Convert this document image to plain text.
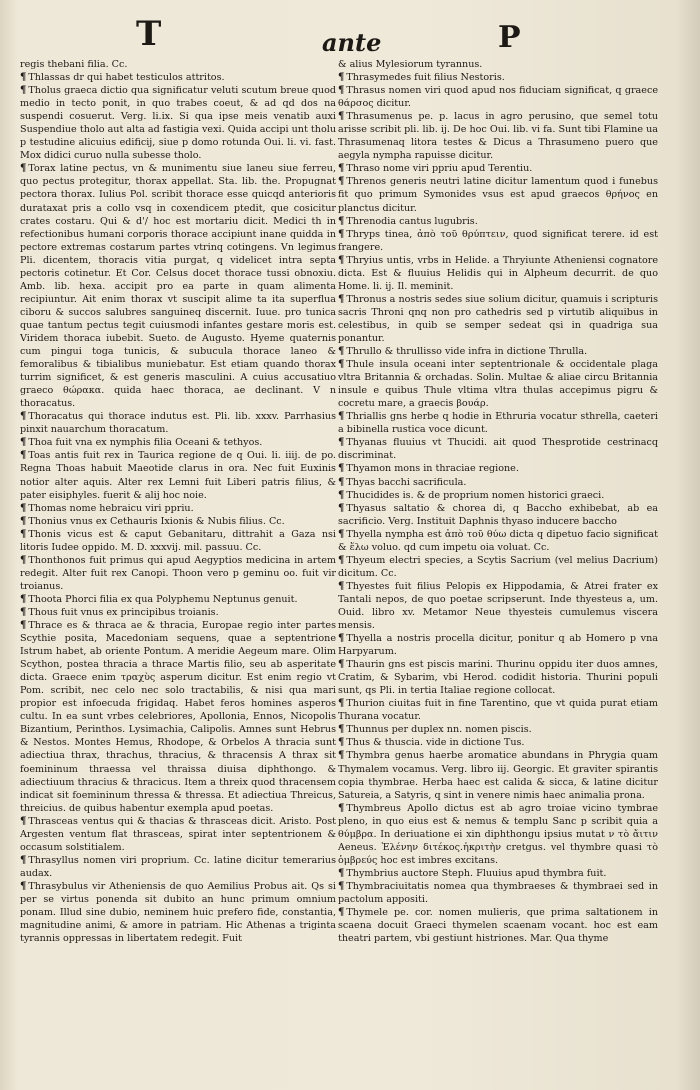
T	ante	P

regis thebani filia. Cc.

¶ Thlassas dr qui habet testiculos attritos.

¶ Tholus graeca dictio qua significatur veluti scutum breue quod medio in tecto ponit, in quo trabes coeut, & ad qd dos na suspendi cosuerut. Verg. li.ix. Si qua ipse meis venatib auxi Suspendiue tholo aut alta ad fastigia vexi. Quida accipi unt tholu p testudine alicuius edificij, siue p domo rotunda Oui. li. vi. fast. Mox didici curuo nulla subesse tholo.

¶ Torax latine pectus, vn & munimentu siue laneu siue ferreu, quo pectus protegitur, thorax appellat. Sta. lib. the. Propugnat pectora thorax. Iulius Pol. scribit thorace esse quicqd anterioris durataxat pris a collo vsq in coxendicem ptedit, que cosicitur crates costaru. Qui & d'/ hoc est mortariu dicit. Medici th in refectionibus humani corporis thorace accipiunt inane quidda in pectore extremas costarum partes vtrinq cotingens. Vn legimus Pli. dicentem, thoracis vitia purgat, q videlicet intra septa pectoris cotinetur. Et Cor. Celsus docet thorace tussi obnoxiu. Amb. lib. hexa. accipit pro ea parte in quam alimenta recipiuntur. Ait enim thorax vt suscipit alime ta ita superflua ciboru & succos salubres sanguineq discernit. Iuue. pro tunica quae tantum pectus tegit cuiusmodi infantes gestare moris est. Viridem thoraca iubebit. Sueto. de Augusto. Hyeme quaternis cum pingui toga tunicis, & subucula thorace laneo & femoralibus & tibialibus muniebatur. Est etiam quando thorax turrim significet, & est generis masculini. A cuius accusatiuo graeco θώρακα. quida haec thoraca, ae declinant. V n thoracatus.

¶ Thoracatus qui thorace indutus est. Pli. lib. xxxv. Parrhasius pinxit nauarchum thoracatum.

¶ Thoa fuit vna ex nymphis filia Oceani & tethyos.

¶ Toas antis fuit rex in Taurica regione de q Oui. li. iiij. de po. Regna Thoas habuit Maeotide clarus in ora. Nec fuit Euxinis notior alter aquis. Alter rex Lemni fuit Liberi patris filius, & pater eisiphyles. fuerit & alij hoc noie.

¶ Thomas nome hebraicu viri ppriu.

¶ Thonius vnus ex Cethauris Ixionis & Nubis filius. Cc.

¶ Thonis vicus est & caput Gebanitaru, dittrahit a Gaza nsi litoris Iudee oppido. M. D. xxxvij. mil. passuu. Cc.

¶ Thonthonos fuit primus qui apud Aegyptios medicina in artem redegit. Alter fuit rex Canopi. Thoon vero p geminu oo. fuit vir troianus.

¶ Thoota Phorci filia ex qua Polyphemu Neptunus genuit.

¶ Thous fuit vnus ex principibus troianis.

¶ Thrace es & thraca ae & thracia, Europae regio inter partes Scythie posita, Macedoniam sequens, quae a septentrione Istrum habet, ab oriente Pontum. A meridie Aegeum mare. Olim Scython, postea thracia a thrace Martis filio, seu ab asperitate dicta. Graece enim τραχὺς asperum dicitur. Est enim regio vt Pom. scribit, nec celo nec solo tractabilis, & nisi qua mari propior est infoecuda frigidaq. Habet feros homines asperos cultu. In ea sunt vrbes celebriores, Apollonia, Ennos, Nicopolis Bizantium, Perinthos. Lysimachia, Calipolis. Amnes sunt Hebrus & Nestos. Montes Hemus, Rhodope, & Orbelos A thracia sunt adiectiua thrax, thrachus, thracius, & thracensis A thrax sit foemininum thraessa vel thraissa diuisa diphthongo. & adiectiuum thracius & thracicus. Item a threix quod thracensem indicat sit foemininum thressa & thressa. Et adiectiua Threicus, threicius. de quibus habentur exempla apud poetas.

¶ Thrasceas ventus qui & thacias & thrasceas dicit. Aristo. Post Argesten ventum flat thrasceas, spirat inter septentrionem & occasum solstitialem.

¶ Thrasyllus nomen viri proprium. Cc. latine dicitur temerarius audax.

¶ Thrasybulus vir Atheniensis de quo Aemilius Probus ait. Qs si per se virtus ponenda sit dubito an hunc primum omnium ponam. Illud sine dubio, neminem huic prefero fide, constantia, magnitudine animi, & amore in patriam. Hic Athenas a triginta tyrannis oppressas in libertatem redegit. Fuit

& alius Mylesiorum tyrannus.

¶ Thrasymedes fuit filius Nestoris.

¶ Thrasus nomen viri quod apud nos fiduciam significat, q graece θάρσος dicitur.

¶ Thrasumenus pe. p. lacus in agro perusino, que semel totu arisse scribit pli. lib. ij. De hoc Oui. lib. vi fa. Sunt tibi Flamine ua Thrasumenaq litora testes & Dicus a Thrasumeno puero que aegyla nympha rapuisse dicitur.

¶ Thraso nome viri ppriu apud Terentiu.

¶ Threnos generis neutri latine dicitur lamentum quod i funebus fit quo primum Symonides vsus est apud graecos θρήνος en planctus dicitur.

¶ Threnodia cantus lugubris.

¶ Thryps tinea, ἀπὸ τοῦ θρύπτειν, quod significat terere. id est frangere.

¶ Thryius untis, vrbs in Helide. a Thryiunte Atheniensi cognatore dicta. Est & fluuius Helidis qui in Alpheum decurrit. de quo Home. li. ij. Il. meminit.

¶ Thronus a nostris sedes siue solium dicitur, quamuis i scripturis sacris Throni qnq non pro cathedris sed p virtutib aliquibus in celestibus, in quib se semper sedeat qsi in quadriga sua ponantur.

¶ Thrullo & thrullisso vide infra in dictione Thrulla.

¶ Thule insula oceani inter septentrionale & occidentale plaga vltra Britannia & orchadas. Solin. Multae & aliae circu Britannia insule e quibus Thule vltima vltra thulas accepimus pigru & cocretu mare, a graecis βουάρ.

¶ Thriallis gns herbe q hodie in Ethruria vocatur sthrella, caeteri a bibinella rustica voce dicunt.

¶ Thyanas fluuius vt Thucidi. ait quod Thesprotide cestrinacq discriminat.

¶ Thyamon mons in thraciae regione.

¶ Thyas bacchi sacrificula.

¶ Thucidides is. & de proprium nomen historici graeci.

¶ Thyasus saltatio & chorea di, q Baccho exhibebat, ab ea sacrificio. Verg. Instituit Daphnis thyaso inducere baccho

¶ Thyella nympha est ἀπὸ τοῦ θύω dicta q dipetuo facio significat & ἕλω voluo. qd cum impetu oia voluat. Cc.

¶ Thyeum electri species, a Scytis Sacrium (vel melius Dacrium) dicitum. Cc.

¶ Thyestes fuit filius Pelopis ex Hippodamia, & Atrei frater ex Tantali nepos, de quo poetae scripserunt. Inde thyesteus a, um. Ouid. libro xv. Metamor Neue thyesteis cumulemus viscera mensis.

¶ Thyella a nostris procella dicitur, ponitur q ab Homero p vna Harpyarum.

¶ Thaurin gns est piscis marini. Thurinu oppidu iter duos amnes, Cratim, & Sybarim, vbi Herod. codidit historia. Thurini populi sunt, qs Pli. in tertia Italiae regione collocat.

¶ Thurion ciuitas fuit in fine Tarentino, que vt quida purat etiam Thurana vocatur.

¶ Thunnus per duplex nn. nomen piscis.

¶ Thus & thuscia. vide in dictione Tus.

¶ Thymbra genus haerbe aromatice abundans in Phrygia quam Thymalem vocamus. Verg. libro iij. Georgic. Et graviter spirantis copia thymbrae. Herba haec est calida & sicca, & latine dicitur Satureia, a Satyris, q sint in venere nimis haec animalia prona.

¶ Thymbreus Apollo dictus est ab agro troiae vicino tymbrae pleno, in quo eius est & nemus & templu Sanc p scribit quia a θύμβρα. In deriuatione ei xin diphthongu ipsius mutat ν τὸ ἄιτιν Aeneus. Ἑλένην διτέκος.ἡκριτὴν cretgus. vel thymbre quasi τὸ ὁμβρεύς hoc est imbres excitans.

¶ Thymbrius auctore Steph. Fluuius apud thymbra fuit.

¶ Thymbraciuitatis nomea qua thymbraeses & thymbraei sed in pactolum appositi.

¶ Thymele pe. cor. nomen mulieris, que prima saltationem in scaena docuit Graeci thymelen scaenam vocant. hoc est eam theatri partem, vbi gestiunt histriones. Mar. Qua thyme
